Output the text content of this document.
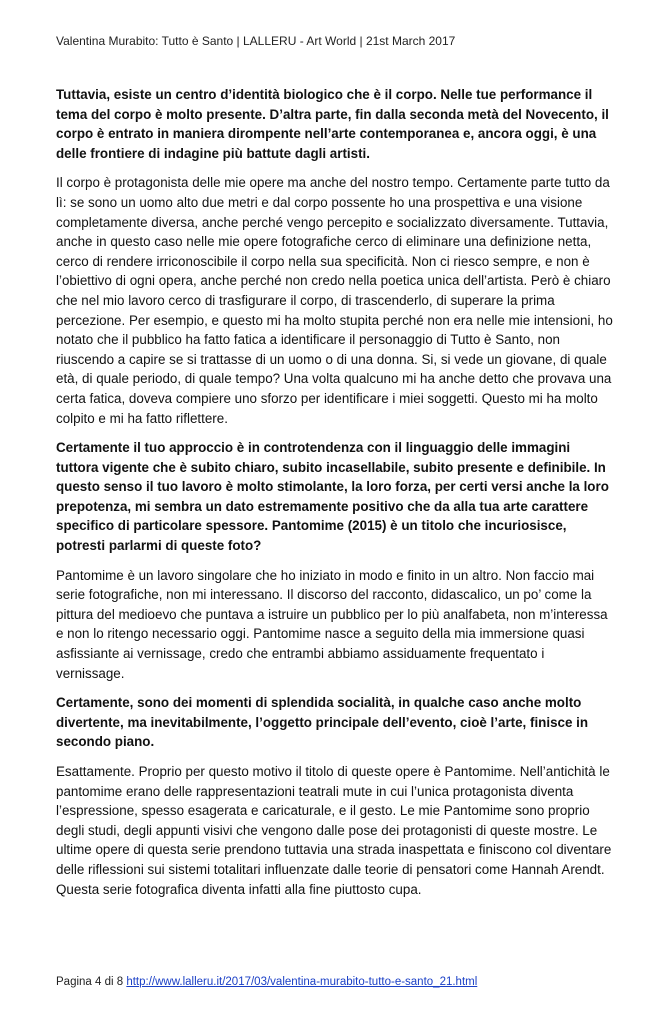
Valentina Murabito: Tutto è Santo | LALLERU - Art World | 21st March 2017

Tuttavia, esiste un centro d’identità biologico che è il corpo. Nelle tue performance il tema del corpo è molto presente. D’altra parte, fin dalla seconda metà del Novecento, il corpo è entrato in maniera dirompente nell’arte contemporanea e, ancora oggi, è una delle frontiere di indagine più battute dagli artisti.

Il corpo è protagonista delle mie opere ma anche del nostro tempo. Certamente parte tutto da lì: se sono un uomo alto due metri e dal corpo possente ho una prospettiva e una visione completamente diversa, anche perché vengo percepito e socializzato diversamente. Tuttavia, anche in questo caso nelle mie opere fotografiche cerco di eliminare una definizione netta, cerco di rendere irriconoscibile il corpo nella sua specificità. Non ci riesco sempre, e non è l’obiettivo di ogni opera, anche perché non credo nella poetica unica dell’artista. Però è chiaro che nel mio lavoro cerco di trasfigurare il corpo, di trascenderlo, di superare la prima percezione. Per esempio, e questo mi ha molto stupita perché non era nelle mie intensioni, ho notato che il pubblico ha fatto fatica a identificare il personaggio di Tutto è Santo, non riuscendo a capire se si trattasse di un uomo o di una donna. Si, si vede un giovane, di quale età, di quale periodo, di quale tempo? Una volta qualcuno mi ha anche detto che provava una certa fatica, doveva compiere uno sforzo per identificare i miei soggetti. Questo mi ha molto colpito e mi ha fatto riflettere.

Certamente il tuo approccio è in controtendenza con il linguaggio delle immagini tuttora vigente che è subito chiaro, subito incasellabile, subito presente e definibile. In questo senso il tuo lavoro è molto stimolante, la loro forza, per certi versi anche la loro prepotenza, mi sembra un dato estremamente positivo che da alla tua arte carattere specifico di particolare spessore. Pantomime (2015) è un titolo che incuriosisce, potresti parlarmi di queste foto?

Pantomime è un lavoro singolare che ho iniziato in modo e finito in un altro. Non faccio mai serie fotografiche, non mi interessano. Il discorso del racconto, didascalico, un po’ come la pittura del medioevo che puntava a istruire un pubblico per lo più analfabeta, non m’interessa e non lo ritengo necessario oggi. Pantomime nasce a seguito della mia immersione quasi asfissiante ai vernissage, credo che entrambi abbiamo assiduamente frequentato i vernissage.

Certamente, sono dei momenti di splendida socialità, in qualche caso anche molto divertente, ma inevitabilmente, l’oggetto principale dell’evento, cioè l’arte, finisce in secondo piano.

Esattamente. Proprio per questo motivo il titolo di queste opere è Pantomime. Nell’antichità le pantomime erano delle rappresentazioni teatrali mute in cui l’unica protagonista diventa l’espressione, spesso esagerata e caricaturale, e il gesto. Le mie Pantomime sono proprio degli studi, degli appunti visivi che vengono dalle pose dei protagonisti di queste mostre. Le ultime opere di questa serie prendono tuttavia una strada inaspettata e finiscono col diventare delle riflessioni sui sistemi totalitari influenzate dalle teorie di pensatori come Hannah Arendt. Questa serie fotografica diventa infatti alla fine piuttosto cupa.

Pagina 4 di 8 http://www.lalleru.it/2017/03/valentina-murabito-tutto-e-santo_21.html
